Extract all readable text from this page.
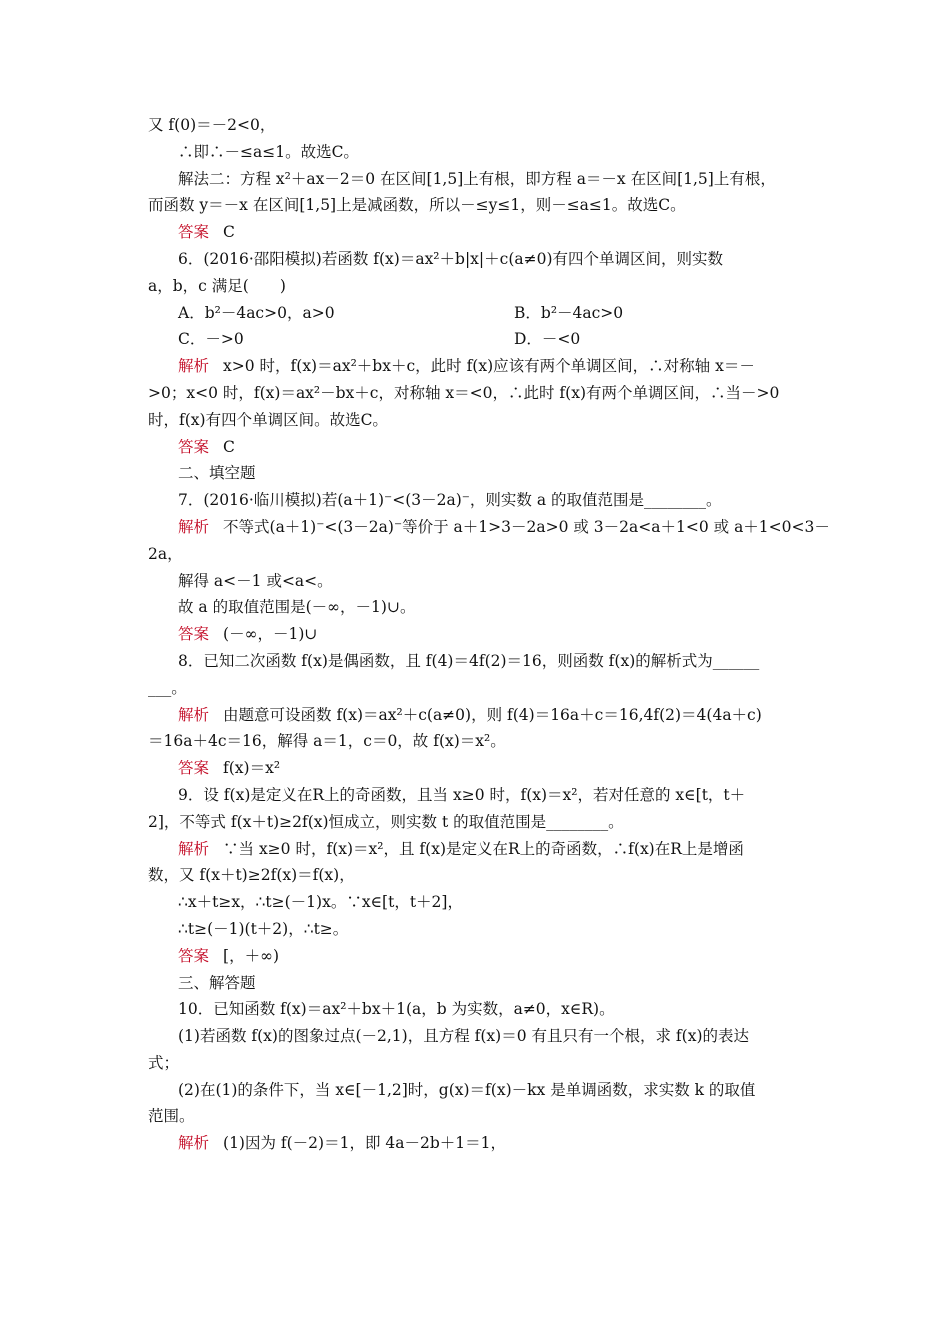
又 f(0)＝－2<0，
∴即∴－≤a≤1。故选C。
解法二：方程 x²＋ax－2＝0 在区间[1,5]上有根，即方程 a＝－x 在区间[1,5]上有根，
而函数 y＝－x 在区间[1,5]上是减函数，所以－≤y≤1，则－≤a≤1。故选C。
答案 C
6．(2016·邵阳模拟)若函数 f(x)＝ax²＋b|x|＋c(a≠0)有四个单调区间，则实数
a，b，c 满足(　　)
A．b²－4ac>0，a>0	B．b²－4ac>0
C．－>0	D．－<0
解析 x>0 时，f(x)＝ax²＋bx＋c，此时 f(x)应该有两个单调区间，∴对称轴 x＝－
>0；x<0 时，f(x)＝ax²－bx＋c，对称轴 x＝<0，∴此时 f(x)有两个单调区间，∴当－>0
时，f(x)有四个单调区间。故选C。
答案 C
二、填空题
7．(2016·临川模拟)若(a＋1)⁻<(3－2a)⁻，则实数 a 的取值范围是________。
解析 不等式(a＋1)⁻<(3－2a)⁻等价于 a＋1>3－2a>0 或 3－2a<a＋1<0 或 a＋1<0<3－
2a，
解得 a<－1 或<a<。
故 a 的取值范围是(－∞，－1)∪。
答案 (－∞，－1)∪
8．已知二次函数 f(x)是偶函数，且 f(4)＝4f(2)＝16，则函数 f(x)的解析式为______
___。
解析 由题意可设函数 f(x)＝ax²＋c(a≠0)，则 f(4)＝16a＋c＝16,4f(2)＝4(4a＋c)
＝16a＋4c＝16，解得 a＝1，c＝0，故 f(x)＝x²。
答案 f(x)＝x²
9．设 f(x)是定义在R上的奇函数，且当 x≥0 时，f(x)＝x²，若对任意的 x∈[t，t＋
2]，不等式 f(x＋t)≥2f(x)恒成立，则实数 t 的取值范围是________。
解析 ∵当 x≥0 时，f(x)＝x²，且 f(x)是定义在R上的奇函数，∴f(x)在R上是增函
数，又 f(x＋t)≥2f(x)＝f(x)，
∴x＋t≥x，∴t≥(－1)x。∵x∈[t，t＋2]，
∴t≥(－1)(t＋2)，∴t≥。
答案 [，＋∞)
三、解答题
10．已知函数 f(x)＝ax²＋bx＋1(a，b 为实数，a≠0，x∈R)。
(1)若函数 f(x)的图象过点(－2,1)，且方程 f(x)＝0 有且只有一个根，求 f(x)的表达
式；
(2)在(1)的条件下，当 x∈[－1,2]时，g(x)＝f(x)－kx 是单调函数，求实数 k 的取值
范围。
解析 (1)因为 f(－2)＝1，即 4a－2b＋1＝1，
